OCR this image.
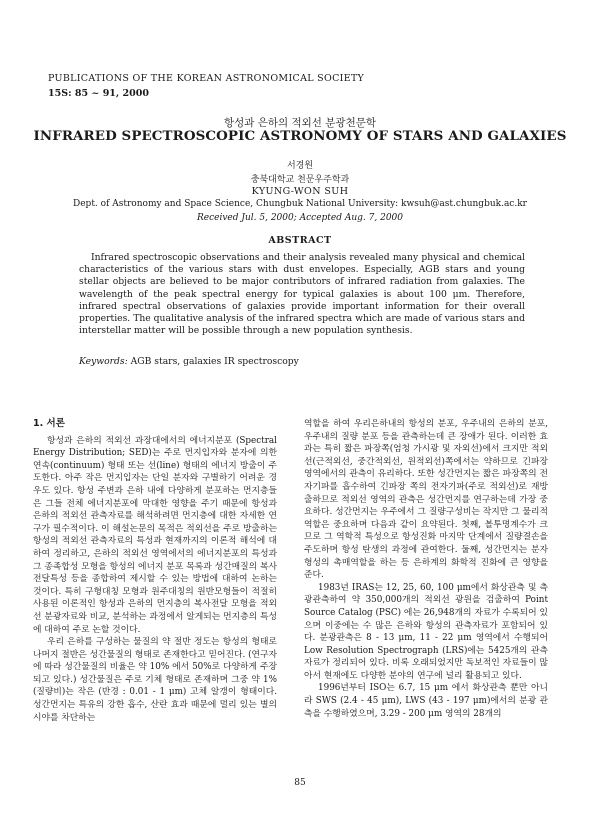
PUBLICATIONS OF THE KOREAN ASTRONOMICAL SOCIETY
15S: 85 ~ 91, 2000
항성과 은하의 적외선 분광천문학
INFRARED SPECTROSCOPIC ASTRONOMY OF STARS AND GALAXIES
서경원
충북대학교 천문우주학과
KYUNG-WON SUH
Dept. of Astronomy and Space Science, Chungbuk National University: kwsuh@ast.chungbuk.ac.kr
Received Jul. 5, 2000; Accepted Aug. 7, 2000
ABSTRACT

Infrared spectroscopic observations and their analysis revealed many physical and chemical characteristics of the various stars with dust envelopes. Especially, AGB stars and young stellar objects are believed to be major contributors of infrared radiation from galaxies. The wavelength of the peak spectral energy for typical galaxies is about 100 μm. Therefore, infrared spectral observations of galaxies provide important information for their overall properties. The qualitative analysis of the infrared spectra which are made of various stars and interstellar matter will be possible through a new population synthesis.

Keywords: AGB stars, galaxies IR spectroscopy

1. 서론

항성과 은하의 적외선 과장대에서의 에너지분포 (Spectral Energy Distribution; SED)는 주로 먼지입자와 분자에 의한 연속(continuum) 형태 또는 선(line) 형태의 에너지 방출이 주도한다. 아주 작은 먼지입자는 단일 분자와 구별하기 어려운 경우도 있다. 항성 주변과 은하 내에 다양하게 분포하는 먼지층들은 그들 전체 에너지분포에 막대한 영향을 주기 때문에 항성과 은하의 적외선 관측자료를 해석하려면 먼지층에 대한 자세한 연구가 필수적이다. 이 해설논문의 목적은 적외선을 주로 방출하는 항성의 적외선 관측자료의 특성과 현재까지의 이론적 해석에 대하여 정리하고, 은하의 적외선 영역에서의 에너지분포의 특성과 그 종족합성 모형을 항성의 에너지 분포 목록과 성간매질의 복사전달특성 등을 종합하여 제시할 수 있는 방법에 대하여 논하는 것이다. 특히 구형대칭 모형과 원주대칭의 원반모형들이 적절히 사용된 이론적인 항성과 은하의 먼지층의 복사전달 모형을 적외선 분광자료와 비교, 분석하는 과정에서 알게되는 먼지층의 특성에 대하여 주로 논할 것이다.

우리 은하를 구성하는 물질의 약 절반 정도는 항성의 형태로 나머지 절반은 성간물질의 형태로 존재한다고 믿어진다. (연구자에 따라 성간물질의 비율은 약 10% 에서 50%로 다양하게 주장되고 있다.) 성간물질은 주로 기체 형태로 존재하며 그중 약 1% (질량비)는 작은 (반경 : 0.01 - 1 μm) 고체 알갱이 형태이다. 성간먼지는 특유의 강한 흡수, 산란 효과 때문에 멀리 있는 별의 시야를 차단하는

역할을 하여 우리은하내의 항성의 분포, 우주내의 은하의 분포, 우주내의 질량 분포 등을 관측하는데 큰 장애가 된다. 이러한 효과는 특히 짧은 파장쪽(엄청 가시광 및 자외선)에서 크지만 적외선(근적외선, 중간적외선, 원적외선)쪽에서는 약하므로 긴파장 영역에서의 관측이 유리하다. 또한 성간먼지는 짧은 파장쪽의 전자기파를 흡수하여 긴파장 쪽의 전자기파(주로 적외선)로 재방출하므로 적외선 영역의 관측은 성간먼지를 연구하는데 가장 중요하다. 성간먼지는 우주에서 그 질량구성비는 작지만 그 물리적 역할은 중요하며 다음과 같이 요약된다. 첫째, 볼투명계수가 크므로 그 역학적 특성으로 항성진화 마지막 단계에서 질량결손을 주도하며 항성 탄생의 과정에 관여한다. 둘째, 성간먼지는 분자형성의 촉매역할을 하는 등 은하계의 화학적 진화에 큰 영향을 준다.

1983년 IRAS는 12, 25, 60, 100 μm에서 화상관측 및 측광관측하여 약 350,000개의 적외선 광원을 검출하여 Point Source Catalog (PSC) 에는 26,948개의 자료가 수록되어 있으며 이중에는 수 많은 은하와 항성의 관측자료가 포함되어 있다. 분광관측은 8 - 13 μm, 11 - 22 μm 영역에서 수행되어 Low Resolution Spectrograph (LRS)에는 5425개의 관측자료가 정리되어 있다. 비록 오래되었지만 독보적인 자료들이 많아서 현재에도 다양한 분야의 연구에 널리 활용되고 있다.

1996년부터 ISO는 6.7, 15 μm 에서 화상관측 뿐만 아니라 SWS (2.4 - 45 μm), LWS (43 - 197 μm)에서의 분광 관측을 수행하였으며, 3.29 - 200 μm 영역의 28개의

85
